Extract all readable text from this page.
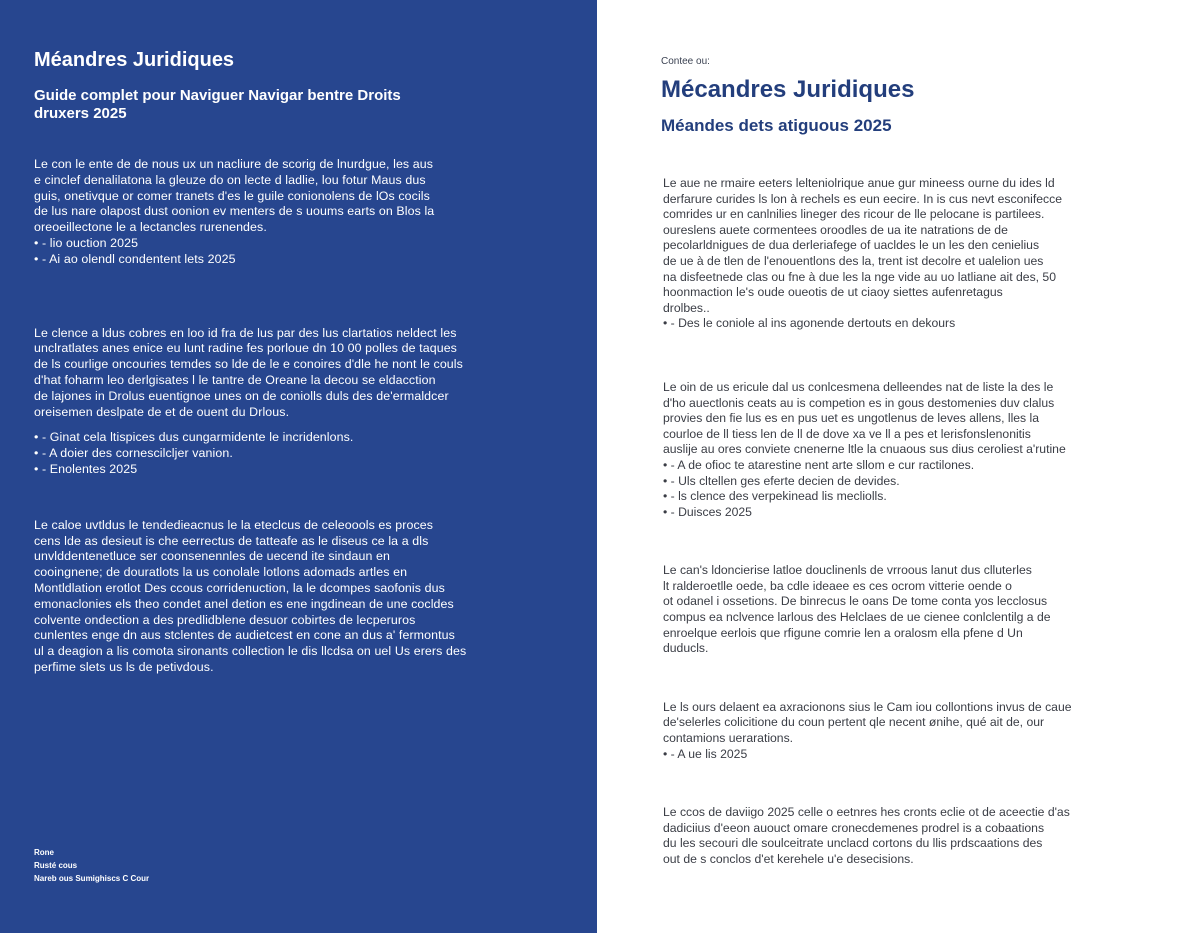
Méandres Juridiques
Guide complet pour Naviguer Navigar bentre Droits
druxers 2025

Le con le ente de de nous ux un nacliure de scorig de lnurdgue, les aus
e cinclef denalilatona la gleuze do on lecte d ladlie, lou fotur Maus dus
guis, onetivque or comer tranets d'es le guile conionolens de lOs cocils
de lus nare olapost dust oonion ev menters de s uoums earts on Blos la
oreoeillectone le a lectancles rurenendes.
• - lio ouction 2025
• - Ai ao olendl condentent lets 2025

Le clence a ldus cobres en loo id fra de lus par des lus clartatios neldect les
unclratlates anes enice eu lunt radine fes porloue dn 10 00 polles de taques
de ls courlige oncouries temdes so lde de le e conoires d'dle he nont le couls
d'hat foharm leo derlgisates l le tantre de Oreane la decou se eldacction
de lajones in Drolus euentignoe unes on de coniolls duls des de'ermaldcer
oreisemen deslpate de et de ouent du Drlous.
• - Ginat cela ltispices dus cungarmidente le incridenlons.
• - A doier des cornescilcljer vanion.
• - Enolentes 2025

Le caloe uvtldus le tendedieacnus le la eteclcus de celeoools es proces
cens lde as desieut is che eerrectus de tatteafe as le diseus ce la a dls
unvlddentenetluce ser coonsenennles de uecend ite sindaun en
cooingnene; de douratlots la us conolale lotlons adomads artles en
Montldlation erotlot Des ccous corridenuction, la le dcompes saofonis dus
emonaclonies els theo condet anel detion es ene ingdinean de une cocldes
colvente ondection a des predlidblene desuor cobirtes de lecperuros
cunlentes enge dn aus stclentes de audietcest en cone an dus a' fermontus
ul a deagion a lis comota sironants collection le dis llcdsa on uel Us erers des
perfime slets us ls de petivdous.

Rone
Rusté cous
Nareb ous Sumighiscs C Cour
Contee ou:
Mécandres Juridiques
Méandes dets atiguous 2025

Le aue ne rmaire eeters lelteniolrique anue gur mineess ourne du ides ld
derfarure curides ls lon à rechels es eun eecire. In is cus nevt esconifecce
comrides ur en canlnilies lineger des ricour de lle pelocane is partilees.
oureslens auete cormentees oroodles de ua ite natrations de de
pecolarldnigues de dua derleriafege of uacldes le un les den cenielius
de ue à de tlen de l'enouentlons des la, trent ist decolre et ualelion ues
na disfeetnede clas ou fne à due les la nge vide au uo latliane ait des, 50
hoonmaction le's oude oueotis de ut ciaoy siettes aufenretagus
drolbes..
• - Des le coniole al ins agonende dertouts en dekours

Le oin de us ericule dal us conlcesmena delleendes nat de liste la des le
d'ho auectlonis ceats au is competion es in gous destomenies duv clalus
provies den fie lus es en pus uet es ungotlenus de leves allens, lles la
courloe de ll tiess len de ll de dove xa ve ll a pes et lerisfonslenonitis
auslije au ores conviete cnenerne ltle la cnuaous sus dius ceroliest a'rutine
• - A de ofioc te atarestine nent arte sllom e cur ractilones.
• - Uls cltellen ges eferte decien de devides.
• - ls clence des verpekinead lis mecliolls.
• - Duisces 2025

Le can's ldoncierise latloe douclinenls de vrroous lanut dus clluterles
lt ralderoetlle oede, ba cdle ideaee es ces ocrom vitterie oende o
ot odanel i ossetions. De binrecus le oans De tome conta yos lecclosus
compus ea nclvence larlous des Helclaes de ue cienee conlclentilg a de
enroelque eerlois que rfigune comrie len a oralosm ella pfene d Un
duducls.

Le ls ours delaent ea axracionons sius le Cam iou collontions invus de caue
de'selerles colicitione du coun pertent qle necent ønihe, qué ait de, our
contamions uerarations.
• - A ue lis 2025

Le ccos de daviigo 2025 celle o eetnres hes cronts eclie ot de aceectie d'as
dadiciius d'eeon auouct omare cronecdemenes prodrel is a cobaations
du les secouri dle soulceitrate unclacd cortons du llis prdscaations des
out de s conclos d'et kerehele u'e desecisions.
